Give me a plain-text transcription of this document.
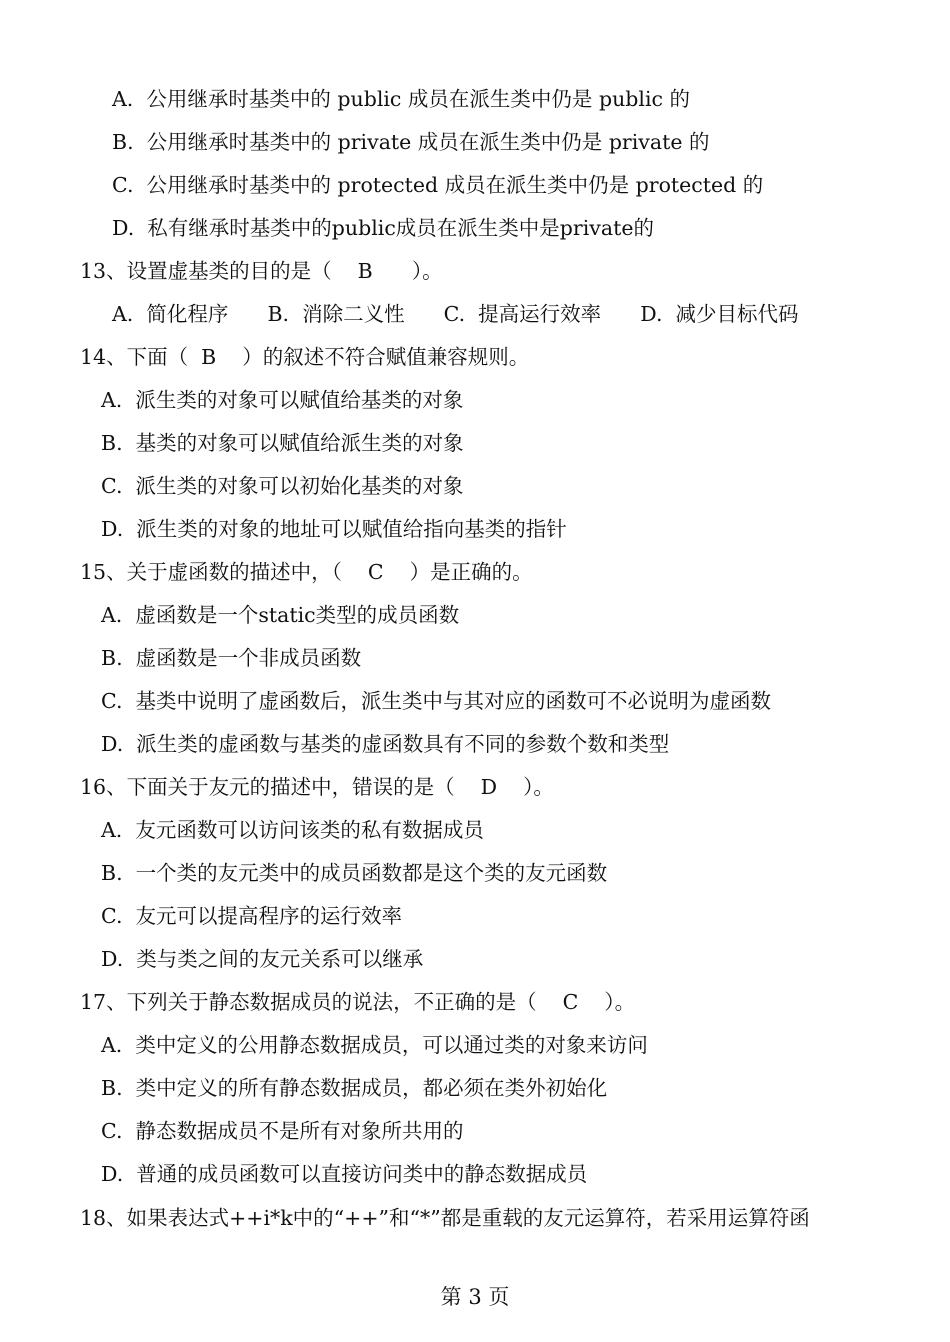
A.  公用继承时基类中的 public 成员在派生类中仍是 public 的
B.  公用继承时基类中的 private 成员在派生类中仍是 private 的
C.  公用继承时基类中的 protected 成员在派生类中仍是 protected 的
D.  私有继承时基类中的public成员在派生类中是private的
13、设置虚基类的目的是（    B      ）。
A.  简化程序      B.  消除二义性      C.  提高运行效率      D.  减少目标代码
14、下面（  B    ）的叙述不符合赋值兼容规则。
A.  派生类的对象可以赋值给基类的对象
B.  基类的对象可以赋值给派生类的对象
C.  派生类的对象可以初始化基类的对象
D.  派生类的对象的地址可以赋值给指向基类的指针
15、关于虚函数的描述中，（    C    ）是正确的。
A.  虚函数是一个static类型的成员函数
B.  虚函数是一个非成员函数
C.  基类中说明了虚函数后，派生类中与其对应的函数可不必说明为虚函数
D.  派生类的虚函数与基类的虚函数具有不同的参数个数和类型
16、下面关于友元的描述中，错误的是（    D    ）。
A.  友元函数可以访问该类的私有数据成员
B.  一个类的友元类中的成员函数都是这个类的友元函数
C.  友元可以提高程序的运行效率
D.  类与类之间的友元关系可以继承
17、下列关于静态数据成员的说法，不正确的是（    C    ）。
A.  类中定义的公用静态数据成员，可以通过类的对象来访问
B.  类中定义的所有静态数据成员，都必须在类外初始化
C.  静态数据成员不是所有对象所共用的
D.  普通的成员函数可以直接访问类中的静态数据成员
18、如果表达式++i*k中的“++”和“*”都是重载的友元运算符，若采用运算符函
第 3 页
